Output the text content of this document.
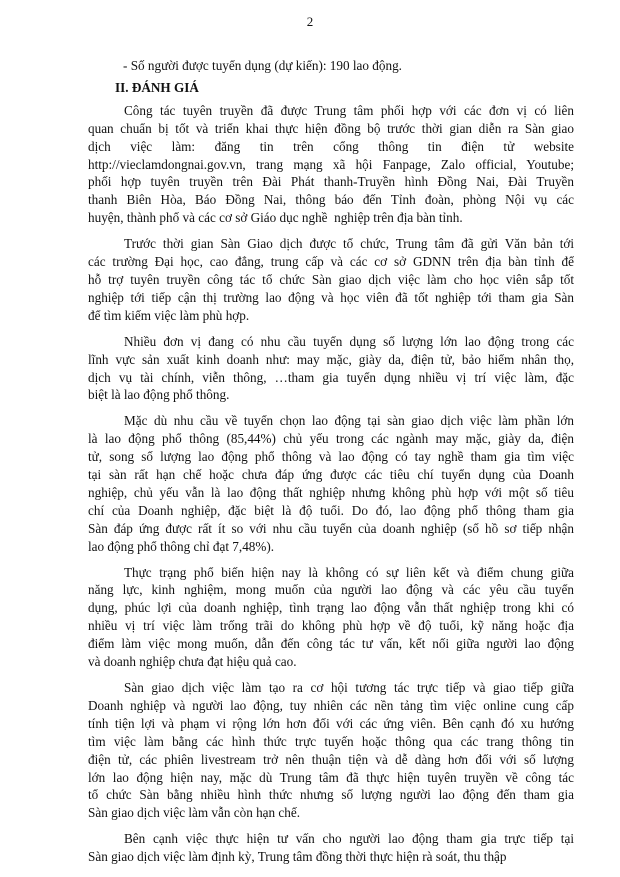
2
- Số người được tuyển dụng (dự kiến): 190 lao động.
II. ĐÁNH GIÁ
Công tác tuyên truyền đã được Trung tâm phối hợp với các đơn vị có liên
quan chuẩn bị tốt và triển khai thực hiện đồng bộ trước thời gian diễn ra Sàn giao
dịch việc làm: đăng tin trên cổng thông tin điện tử website
http://vieclamdongnai.gov.vn, trang mạng xã hội Fanpage, Zalo official, Youtube;
phối hợp tuyên truyền trên Đài Phát thanh-Truyền hình Đồng Nai, Đài Truyền
thanh Biên Hòa, Báo Đồng Nai, thông báo đến Tỉnh đoàn, phòng Nội vụ các
huyện, thành phố và các cơ sở Giáo dục nghề  nghiệp trên địa bàn tỉnh.
Trước thời gian Sàn Giao dịch được tổ chức, Trung tâm đã gửi Văn bản tới
các trường Đại học, cao đẳng, trung cấp và các cơ sở GDNN trên địa bàn tỉnh để
hỗ trợ tuyên truyền công tác tổ chức Sàn giao dịch việc làm cho học viên sắp tốt
nghiệp tới tiếp cận thị trường lao động và học viên đã tốt nghiệp tới tham gia Sàn
để tìm kiếm việc làm phù hợp.
Nhiều đơn vị đang có nhu cầu tuyển dụng số lượng lớn lao động trong các
lĩnh vực sản xuất kinh doanh như: may mặc, giày da, điện tử, bảo hiểm nhân thọ,
dịch vụ tài chính, viễn thông, …tham gia tuyển dụng nhiều vị trí việc làm, đặc
biệt là lao động phổ thông.
Mặc dù nhu cầu về tuyển chọn lao động tại sàn giao dịch việc làm phần lớn
là lao động phổ thông (85,44%) chủ yếu trong các ngành may mặc, giày da, điện
tử, song số lượng lao động phổ thông và lao động có tay nghề tham gia tìm việc
tại sàn rất hạn chế hoặc chưa đáp ứng được các tiêu chí tuyển dụng của Doanh
nghiệp, chủ yếu vẫn là lao động thất nghiệp nhưng không phù hợp với một số tiêu
chí của Doanh nghiệp, đặc biệt là độ tuổi. Do đó, lao động phổ thông tham gia
Sàn đáp ứng được rất ít so với nhu cầu tuyển của doanh nghiệp (số hồ sơ tiếp nhận
lao động phổ thông chỉ đạt 7,48%).
Thực trạng phổ biến hiện nay là không có sự liên kết và điểm chung giữa
năng lực, kinh nghiệm, mong muốn của người lao động và các yêu cầu tuyển
dụng, phúc lợi của doanh nghiệp, tình trạng lao động vẫn thất nghiệp trong khi có
nhiều vị trí việc làm trống trãi do không phù hợp về độ tuổi, kỹ năng hoặc địa
điểm làm việc mong muốn, dẫn đến công tác tư vấn, kết nối giữa người lao động
và doanh nghiệp chưa đạt hiệu quả cao.
Sàn giao dịch việc làm tạo ra cơ hội tương tác trực tiếp và giao tiếp giữa
Doanh nghiệp và người lao động, tuy nhiên các nền tảng tìm việc online cung cấp
tính tiện lợi và phạm vi rộng lớn hơn đối với các ứng viên. Bên cạnh đó xu hướng
tìm việc làm bằng các hình thức trực tuyến hoặc thông qua các trang thông tin
điện tử, các phiên livestream trở nên thuận tiện và dễ dàng hơn đối với số lượng
lớn lao động hiện nay, mặc dù Trung tâm đã thực hiện tuyên truyền về công tác
tổ chức Sàn bằng nhiều hình thức nhưng số lượng người lao động đến tham gia
Sàn giao dịch việc làm vẫn còn hạn chế.
Bên cạnh việc thực hiện tư vấn cho người lao động tham gia trực tiếp tại
Sàn giao dịch việc làm định kỳ, Trung tâm đồng thời thực hiện rà soát, thu thập
